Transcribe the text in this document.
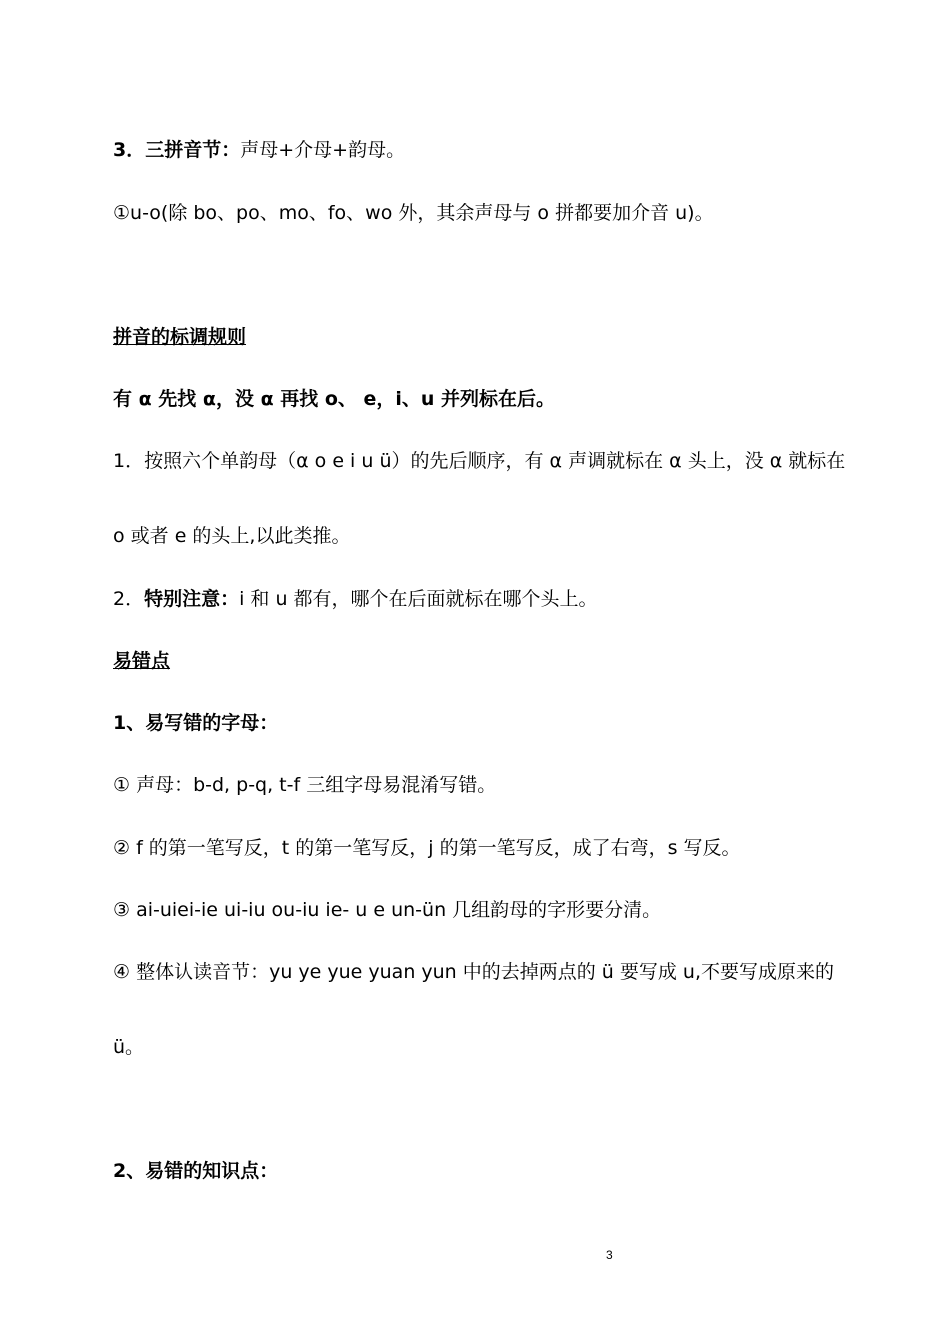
3．三拼音节：声母+介母+韵母。
①u-o(除 bo、po、mo、fo、wo 外，其余声母与 o 拼都要加介音 u)。
拼音的标调规则
有 α 先找 α，没 α 再找 o、 e，i、u 并列标在后。
1．按照六个单韵母（α o e i u ü）的先后顺序，有 α 声调就标在 α 头上，没 α 就标在
o 或者 e 的头上,以此类推。
2．特别注意：i 和 u 都有，哪个在后面就标在哪个头上。
易错点
1、易写错的字母：
① 声母：b-d, p-q, t-f 三组字母易混淆写错。
② f 的第一笔写反，t 的第一笔写反，j 的第一笔写反，成了右弯，s 写反。
③ ai-uiei-ie ui-iu ou-iu ie- u e un-ün 几组韵母的字形要分清。
④ 整体认读音节：yu ye yue yuan yun 中的去掉两点的 ü 要写成 u,不要写成原来的
ü。
2、易错的知识点：
3
